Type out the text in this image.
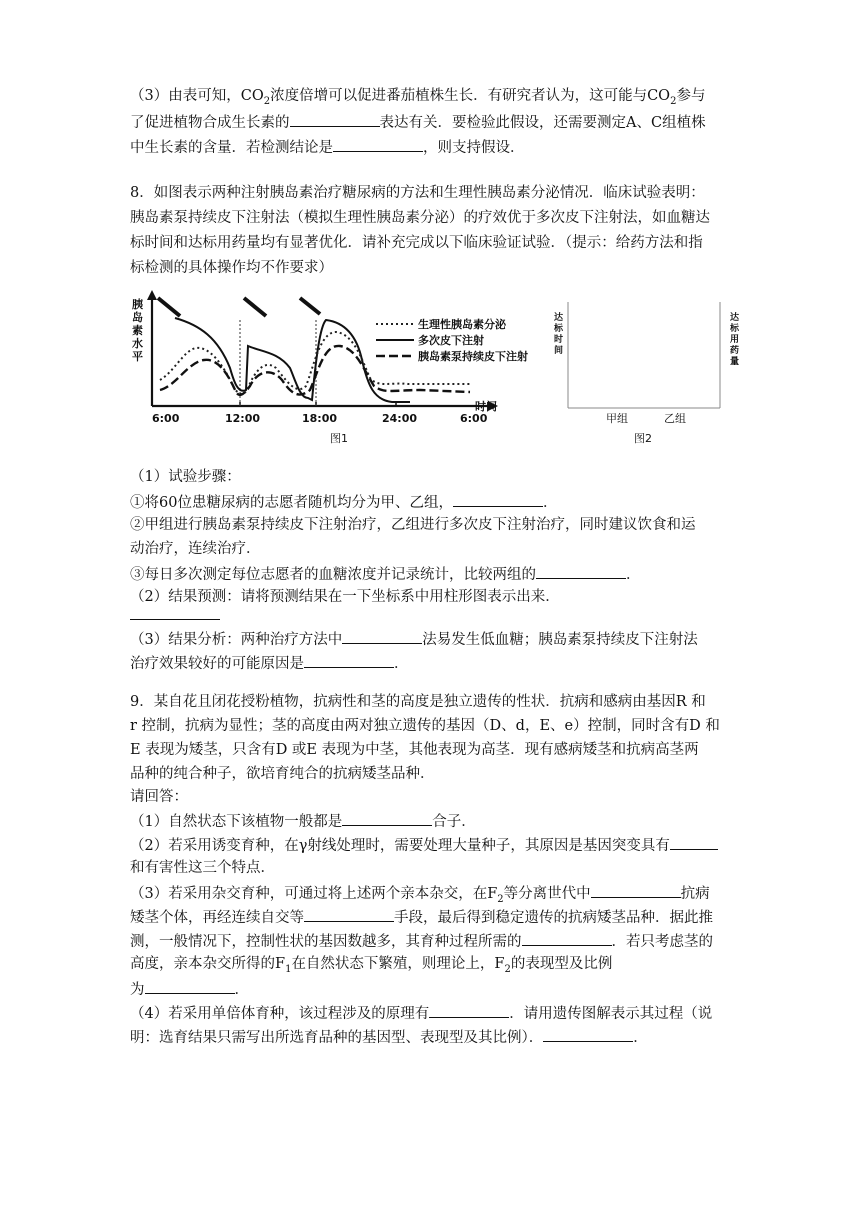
（3）由表可知，$CO_2$浓度倍增可以促进番茄植株生长．有研究者认为，这可能与$CO_2$参与
了促进植物合成生长素的	表达有关．要检验此假设，还需要测定A、C组植株
中生长素的含量．若检测结论是	，则支持假设．
8．如图表示两种注射胰岛素治疗糖尿病的方法和生理性胰岛素分泌情况．临床试验表明：
胰岛素泵持续皮下注射法（模拟生理性胰岛素分泌）的疗效优于多次皮下注射法，如血糖达
标时间和达标用药量均有显著优化．请补充完成以下临床验证试验．（提示：给药方法和指
标检测的具体操作均不作要求）
胰
岛
素
水
平
生理性胰岛素分泌
多次皮下注射
胰岛素泵持续皮下注射
6:00	12:00	18:00	24:00	6:00
时间
图1
达
标
时
间
达
标
用
药
量
甲组	乙组
图2
（1）试验步骤：
①将60位患糖尿病的志愿者随机均分为甲、乙组，	．
②甲组进行胰岛素泵持续皮下注射治疗，乙组进行多次皮下注射治疗，同时建议饮食和运
动治疗，连续治疗．
③每日多次测定每位志愿者的血糖浓度并记录统计，比较两组的	．
（2）结果预测：请将预测结果在一下坐标系中用柱形图表示出来．
（3）结果分析：两种治疗方法中	法易发生低血糖；胰岛素泵持续皮下注射法
治疗效果较好的可能原因是	．
9．某自花且闭花授粉植物，抗病性和茎的高度是独立遗传的性状．抗病和感病由基因R 和
r 控制，抗病为显性；茎的高度由两对独立遗传的基因（D、d，E、e）控制，同时含有D 和
E 表现为矮茎，只含有D 或E 表现为中茎，其他表现为高茎．现有感病矮茎和抗病高茎两
品种的纯合种子，欲培育纯合的抗病矮茎品种．
请回答：
（1）自然状态下该植物一般都是	合子．
（2）若采用诱变育种，在γ射线处理时，需要处理大量种子，其原因是基因突变具有
和有害性这三个特点．
（3）若采用杂交育种，可通过将上述两个亲本杂交，在$F_2$等分离世代中	抗病
矮茎个体，再经连续自交等	手段，最后得到稳定遗传的抗病矮茎品种．据此推
测，一般情况下，控制性状的基因数越多，其育种过程所需的	．若只考虑茎的
高度，亲本杂交所得的$F_1$在自然状态下繁殖，则理论上，$F_2$的表现型及比例
为	．
（4）若采用单倍体育种，该过程涉及的原理有	．请用遗传图解表示其过程（说
明：选育结果只需写出所选育品种的基因型、表现型及其比例）．	．
